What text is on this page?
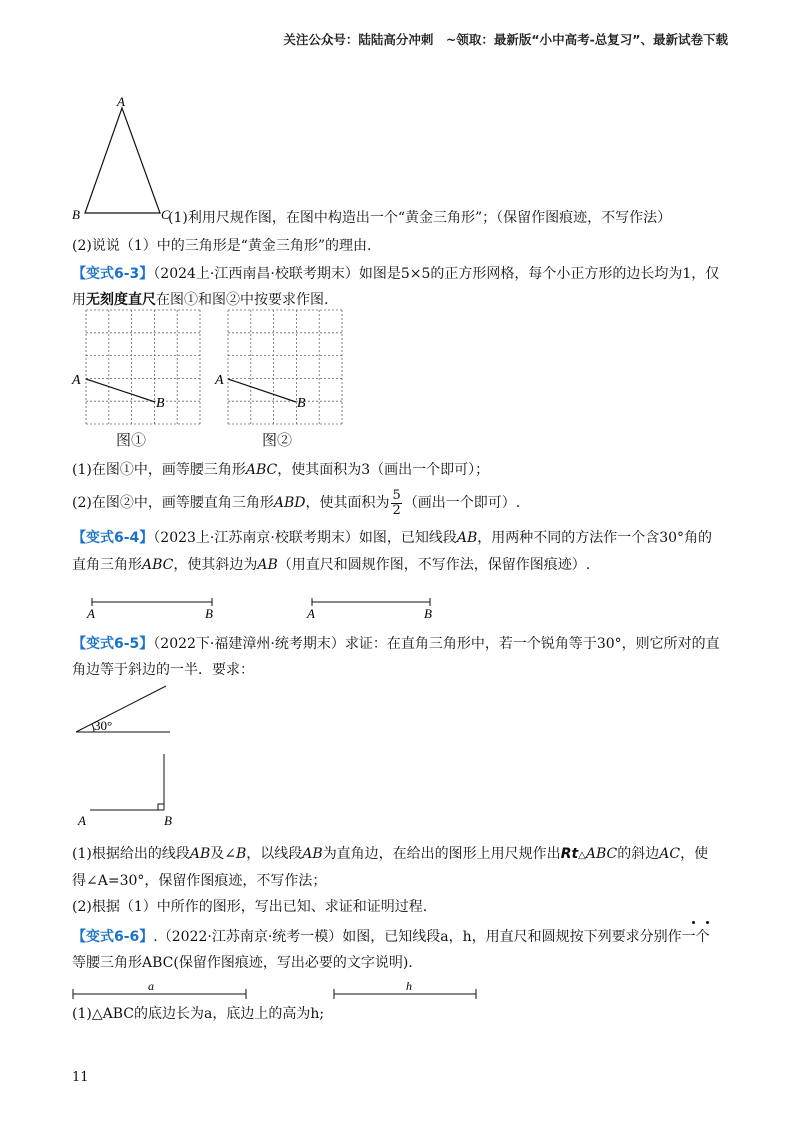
关注公众号：陆陆高分冲刺　~领取：最新版“小中高考-总复习”、最新试卷下载
A
B	C
(1)利用尺规作图，在图中构造出一个“黄金三角形”；（保留作图痕迹，不写作法）
(2)说说（1）中的三角形是“黄金三角形”的理由.
【变式6-3】（2024上·江西南昌·校联考期末）如图是5×5的正方形网格，每个小正方形的边长均为1，仅
用无刻度直尺在图①和图②中按要求作图.
A
B
A
B
图①	图②
(1)在图①中，画等腰三角形ABC，使其面积为3（画出一个即可）；
(2)在图②中，画等腰直角三角形ABD，使其面积为 $\frac{5}{2}$ （画出一个即可）.
【变式6-4】（2023上·江苏南京·校联考期末）如图，已知线段AB，用两种不同的方法作一个含30°角的
直角三角形ABC，使其斜边为AB（用直尺和圆规作图，不写作法，保留作图痕迹）.
A	B	A	B
【变式6-5】（2022下·福建漳州·统考期末）求证：在直角三角形中，若一个锐角等于30°，则它所对的直
角边等于斜边的一半．要求：
30°
A	B
(1)根据给出的线段AB及∠B，以线段AB为直角边，在给出的图形上用尺规作出Rt△ABC的斜边AC，使
得∠A=30°，保留作图痕迹，不写作法；
(2)根据（1）中所作的图形，写出已知、求证和证明过程.
【变式6-6】.（2022·江苏南京·统考一模）如图，已知线段a，h，用直尺和圆规按下列要求分别作一个
等腰三角形ABC(保留作图痕迹，写出必要的文字说明).
a	h
(1)△ABC的底边长为a，底边上的高为h;
11
